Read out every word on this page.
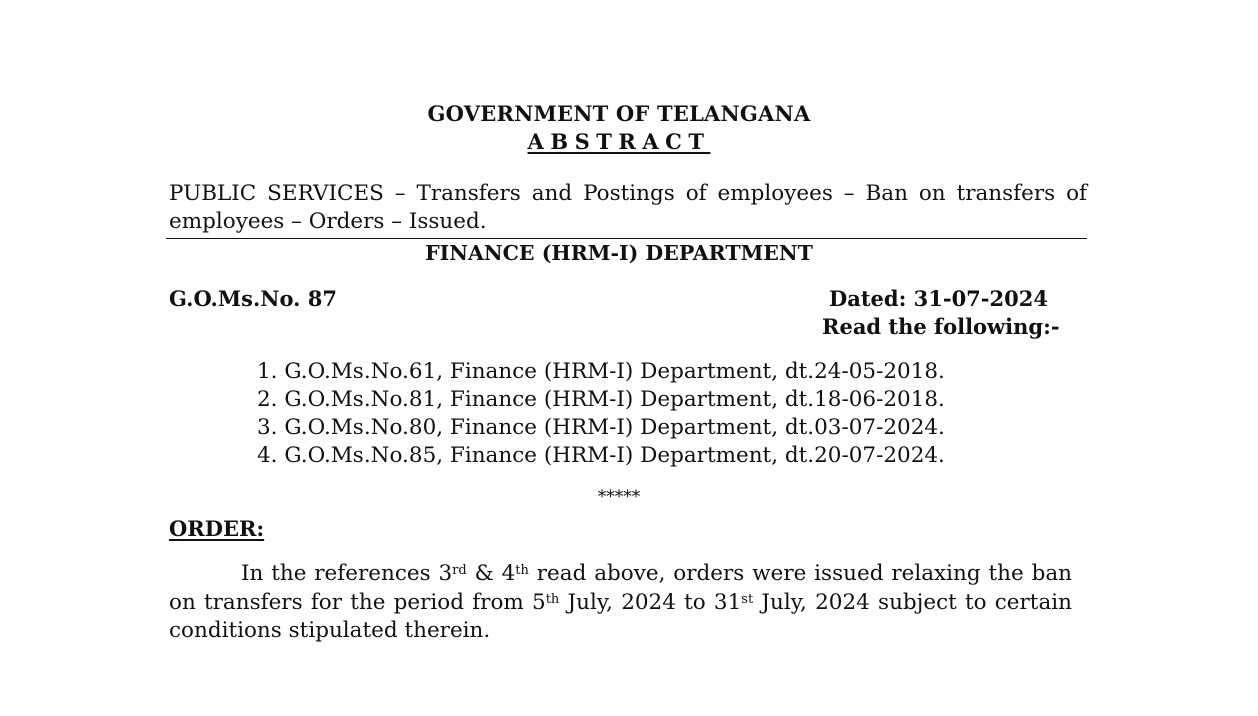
GOVERNMENT OF TELANGANA
ABSTRACT
PUBLIC SERVICES – Transfers and Postings of employees – Ban on transfers of employees – Orders – Issued.
FINANCE (HRM-I) DEPARTMENT
G.O.Ms.No. 87	Dated: 31-07-2024
Read the following:-
1. G.O.Ms.No.61, Finance (HRM-I) Department, dt.24-05-2018.
2. G.O.Ms.No.81, Finance (HRM-I) Department, dt.18-06-2018.
3. G.O.Ms.No.80, Finance (HRM-I) Department, dt.03-07-2024.
4. G.O.Ms.No.85, Finance (HRM-I) Department, dt.20-07-2024.
*****
ORDER:
In the references 3rd & 4th read above, orders were issued relaxing the ban on transfers for the period from 5th July, 2024 to 31st July, 2024 subject to certain conditions stipulated therein.
